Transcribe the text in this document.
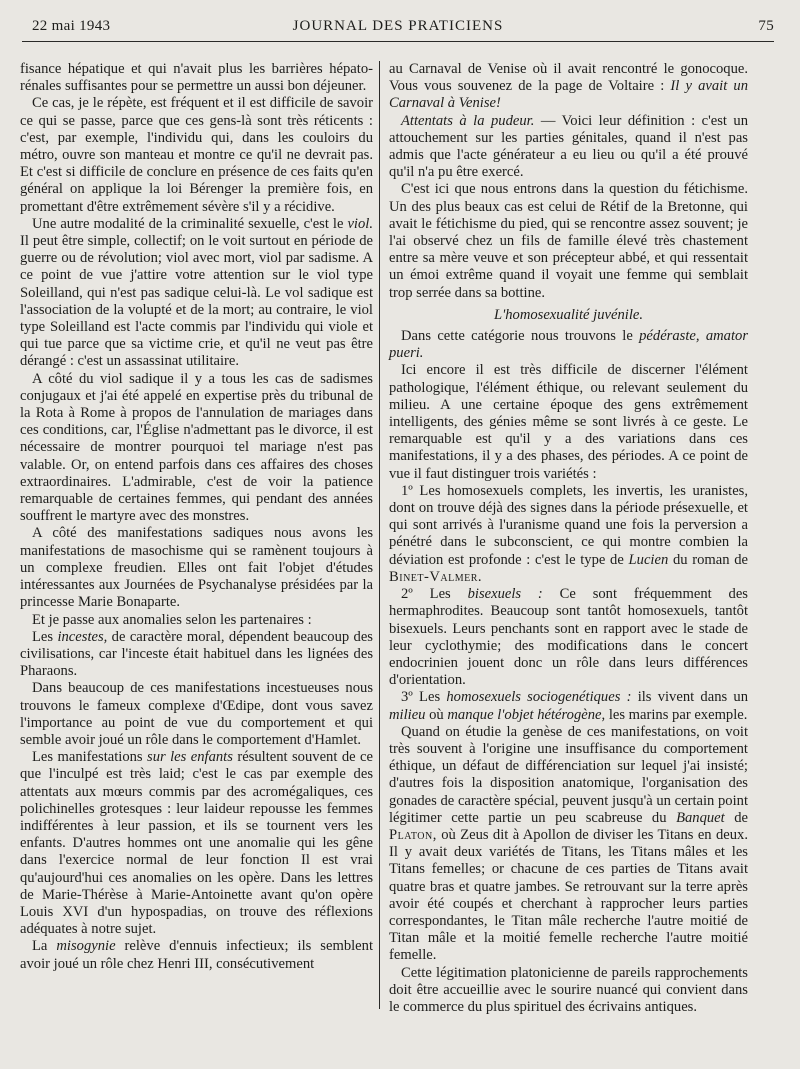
22 mai 1943	JOURNAL DES PRATICIENS	75

fisance hépatique et qui n'avait plus les barrières hépato-rénales suffisantes pour se permettre un aussi bon déjeuner.

Ce cas, je le répète, est fréquent et il est difficile de savoir ce qui se passe, parce que ces gens-là sont très réticents : c'est, par exemple, l'individu qui, dans les couloirs du métro, ouvre son manteau et montre ce qu'il ne devrait pas. Et c'est si difficile de conclure en présence de ces faits qu'en général on applique la loi Bérenger la première fois, en promettant d'être extrêmement sévère s'il y a récidive.

Une autre modalité de la criminalité sexuelle, c'est le viol. Il peut être simple, collectif; on le voit surtout en période de guerre ou de révolution; viol avec mort, viol par sadisme. A ce point de vue j'attire votre attention sur le viol type Soleilland, qui n'est pas sadique celui-là. Le vol sadique est l'association de la volupté et de la mort; au contraire, le viol type Soleilland est l'acte commis par l'individu qui viole et qui tue parce que sa victime crie, et qu'il ne veut pas être dérangé : c'est un assassinat utilitaire.

A côté du viol sadique il y a tous les cas de sadismes conjugaux et j'ai été appelé en expertise près du tribunal de la Rota à Rome à propos de l'annulation de mariages dans ces conditions, car, l'Église n'admettant pas le divorce, il est nécessaire de montrer pourquoi tel mariage n'est pas valable. Or, on entend parfois dans ces affaires des choses extraordinaires. L'admirable, c'est de voir la patience remarquable de certaines femmes, qui pendant des années souffrent le martyre avec des monstres.

A côté des manifestations sadiques nous avons les manifestations de masochisme qui se ramènent toujours à un complexe freudien. Elles ont fait l'objet d'études intéressantes aux Journées de Psychanalyse présidées par la princesse Marie Bonaparte.

Et je passe aux anomalies selon les partenaires :

Les incestes, de caractère moral, dépendent beaucoup des civilisations, car l'inceste était habituel dans les lignées des Pharaons.

Dans beaucoup de ces manifestations incestueuses nous trouvons le fameux complexe d'Œdipe, dont vous savez l'importance au point de vue du comportement et qui semble avoir joué un rôle dans le comportement d'Hamlet.

Les manifestations sur les enfants résultent souvent de ce que l'inculpé est très laid; c'est le cas par exemple des attentats aux mœurs commis par des acromégaliques, ces polichinelles grotesques : leur laideur repousse les femmes indifférentes à leur passion, et ils se tournent vers les enfants. D'autres hommes ont une anomalie qui les gêne dans l'exercice normal de leur fonction Il est vrai qu'aujourd'hui ces anomalies on les opère. Dans les lettres de Marie-Thérèse à Marie-Antoinette avant qu'on opère Louis XVI d'un hypospadias, on trouve des réflexions adéquates à notre sujet.

La misogynie relève d'ennuis infectieux; ils semblent avoir joué un rôle chez Henri III, consécutivement

au Carnaval de Venise où il avait rencontré le gonocoque. Vous vous souvenez de la page de Voltaire : Il y avait un Carnaval à Venise!

Attentats à la pudeur. — Voici leur définition : c'est un attouchement sur les parties génitales, quand il n'est pas admis que l'acte générateur a eu lieu ou qu'il a été prouvé qu'il n'a pu être exercé.

C'est ici que nous entrons dans la question du fétichisme. Un des plus beaux cas est celui de Rétif de la Bretonne, qui avait le fétichisme du pied, qui se rencontre assez souvent; je l'ai observé chez un fils de famille élevé très chastement entre sa mère veuve et son précepteur abbé, et qui ressentait un émoi extrême quand il voyait une femme qui semblait trop serrée dans sa bottine.

L'homosexualité juvénile.

Dans cette catégorie nous trouvons le pédéraste, amator pueri.

Ici encore il est très difficile de discerner l'élément pathologique, l'élément éthique, ou relevant seulement du milieu. A une certaine époque des gens extrêmement intelligents, des génies même se sont livrés à ce geste. Le remarquable est qu'il y a des variations dans ces manifestations, il y a des phases, des périodes. A ce point de vue il faut distinguer trois variétés :

1º Les homosexuels complets, les invertis, les uranistes, dont on trouve déjà des signes dans la période présexuelle, et qui sont arrivés à l'uranisme quand une fois la perversion a pénétré dans le subconscient, ce qui montre combien la déviation est profonde : c'est le type de Lucien du roman de Binet-Valmer.

2º Les bisexuels : Ce sont fréquemment des hermaphrodites. Beaucoup sont tantôt homosexuels, tantôt bisexuels. Leurs penchants sont en rapport avec le stade de leur cyclothymie; des modifications dans le concert endocrinien jouent donc un rôle dans leurs différences d'orientation.

3º Les homosexuels sociogenétiques : ils vivent dans un milieu où manque l'objet hétérogène, les marins par exemple.

Quand on étudie la genèse de ces manifestations, on voit très souvent à l'origine une insuffisance du comportement éthique, un défaut de différenciation sur lequel j'ai insisté; d'autres fois la disposition anatomique, l'organisation des gonades de caractère spécial, peuvent jusqu'à un certain point légitimer cette partie un peu scabreuse du Banquet de Platon, où Zeus dit à Apollon de diviser les Titans en deux. Il y avait deux variétés de Titans, les Titans mâles et les Titans femelles; or chacune de ces parties de Titans avait quatre bras et quatre jambes. Se retrouvant sur la terre après avoir été coupés et cherchant à rapprocher leurs parties correspondantes, le Titan mâle recherche l'autre moitié de Titan mâle et la moitié femelle recherche l'autre moitié femelle.

Cette légitimation platonicienne de pareils rapprochements doit être accueillie avec le sourire nuancé qui convient dans le commerce du plus spirituel des écrivains antiques.
